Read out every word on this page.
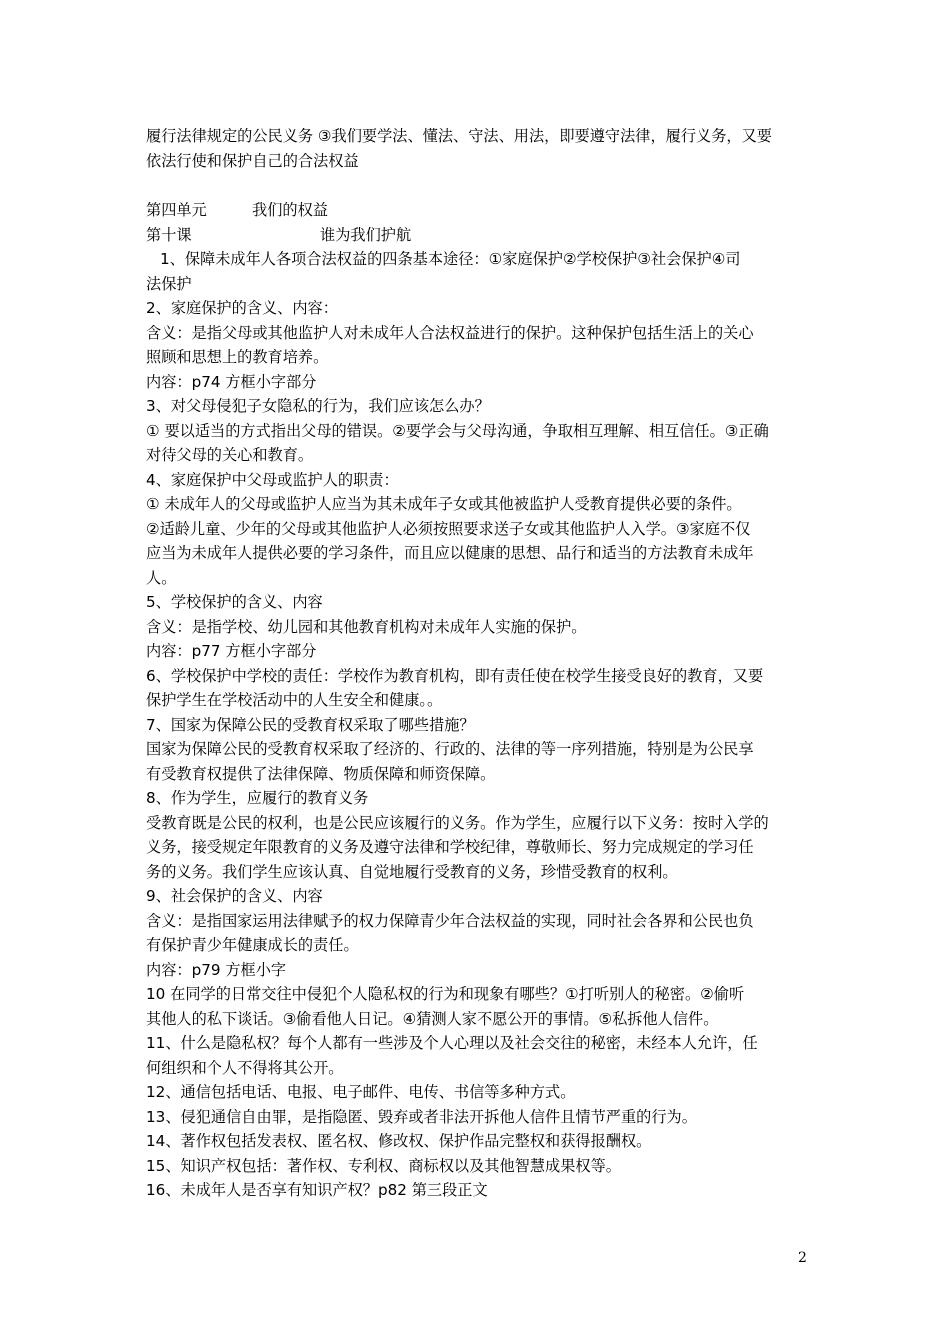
履行法律规定的公民义务 ③我们要学法、懂法、守法、用法，即要遵守法律，履行义务，又要
依法行使和保护自己的合法权益
第四单元	我们的权益
第十课	谁为我们护航
1、保障未成年人各项合法权益的四条基本途径：①家庭保护②学校保护③社会保护④司
法保护
2、家庭保护的含义、内容：
含义：是指父母或其他监护人对未成年人合法权益进行的保护。这种保护包括生活上的关心
照顾和思想上的教育培养。
内容：p74 方框小字部分
3、对父母侵犯子女隐私的行为，我们应该怎么办？
① 要以适当的方式指出父母的错误。②要学会与父母沟通，争取相互理解、相互信任。③正确
对待父母的关心和教育。
4、家庭保护中父母或监护人的职责：
① 未成年人的父母或监护人应当为其未成年子女或其他被监护人受教育提供必要的条件。
②适龄儿童、少年的父母或其他监护人必须按照要求送子女或其他监护人入学。③家庭不仅
应当为未成年人提供必要的学习条件，而且应以健康的思想、品行和适当的方法教育未成年
人。
5、学校保护的含义、内容
含义：是指学校、幼儿园和其他教育机构对未成年人实施的保护。
内容：p77 方框小字部分
6、学校保护中学校的责任：学校作为教育机构，即有责任使在校学生接受良好的教育，又要
保护学生在学校活动中的人生安全和健康。。
7、国家为保障公民的受教育权采取了哪些措施？
国家为保障公民的受教育权采取了经济的、行政的、法律的等一序列措施，特别是为公民享
有受教育权提供了法律保障、物质保障和师资保障。
8、作为学生，应履行的教育义务
受教育既是公民的权利，也是公民应该履行的义务。作为学生，应履行以下义务：按时入学的
义务，接受规定年限教育的义务及遵守法律和学校纪律，尊敬师长、努力完成规定的学习任
务的义务。我们学生应该认真、自觉地履行受教育的义务，珍惜受教育的权利。
9、社会保护的含义、内容
含义：是指国家运用法律赋予的权力保障青少年合法权益的实现，同时社会各界和公民也负
有保护青少年健康成长的责任。
内容：p79 方框小字
10 在同学的日常交往中侵犯个人隐私权的行为和现象有哪些？①打听别人的秘密。②偷听
其他人的私下谈话。③偷看他人日记。④猜测人家不愿公开的事情。⑤私拆他人信件。
11、什么是隐私权？每个人都有一些涉及个人心理以及社会交往的秘密，未经本人允许，任
何组织和个人不得将其公开。
12、通信包括电话、电报、电子邮件、电传、书信等多种方式。
13、侵犯通信自由罪，是指隐匿、毁弃或者非法开拆他人信件且情节严重的行为。
14、著作权包括发表权、匿名权、修改权、保护作品完整权和获得报酬权。
15、知识产权包括：著作权、专利权、商标权以及其他智慧成果权等。
16、未成年人是否享有知识产权？p82 第三段正文
2
